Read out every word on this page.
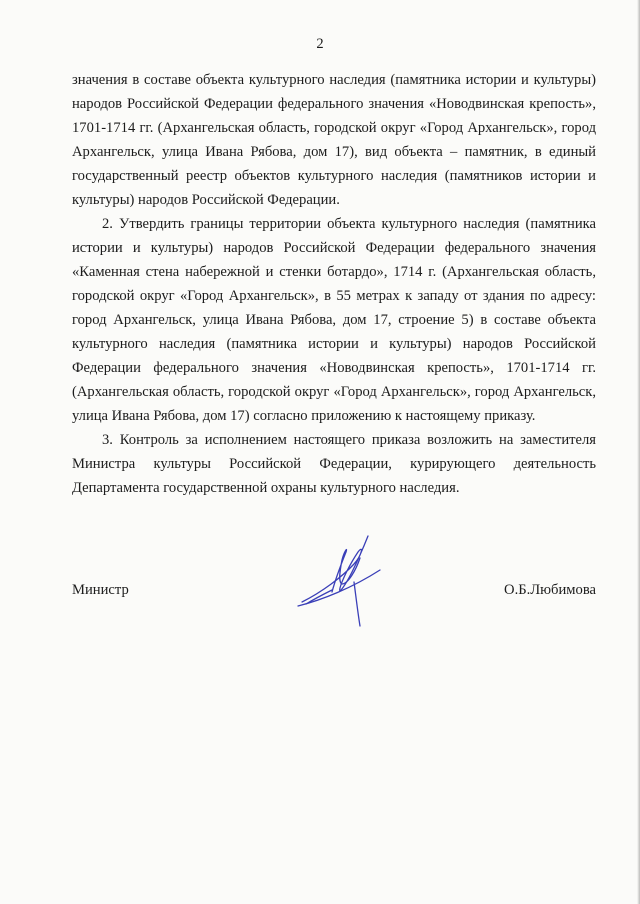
2

значения в составе объекта культурного наследия (памятника истории и культуры) народов Российской Федерации федерального значения «Новодвинская крепость», 1701-1714 гг. (Архангельская область, городской округ «Город Архангельск», город Архангельск, улица Ивана Рябова, дом 17), вид объекта – памятник, в единый государственный реестр объектов культурного наследия (памятников истории и культуры) народов Российской Федерации.

2. Утвердить границы территории объекта культурного наследия (памятника истории и культуры) народов Российской Федерации федерального значения «Каменная стена набережной и стенки ботардо», 1714 г. (Архангельская область, городской округ «Город Архангельск», в 55 метрах к западу от здания по адресу: город Архангельск, улица Ивана Рябова, дом 17, строение 5) в составе объекта культурного наследия (памятника истории и культуры) народов Российской Федерации федерального значения «Новодвинская крепость», 1701-1714 гг. (Архангельская область, городской округ «Город Архангельск», город Архангельск, улица Ивана Рябова, дом 17) согласно приложению к настоящему приказу.

3. Контроль за исполнением настоящего приказа возложить на заместителя Министра культуры Российской Федерации, курирующего деятельность Департамента государственной охраны культурного наследия.

Министр	О.Б.Любимова
